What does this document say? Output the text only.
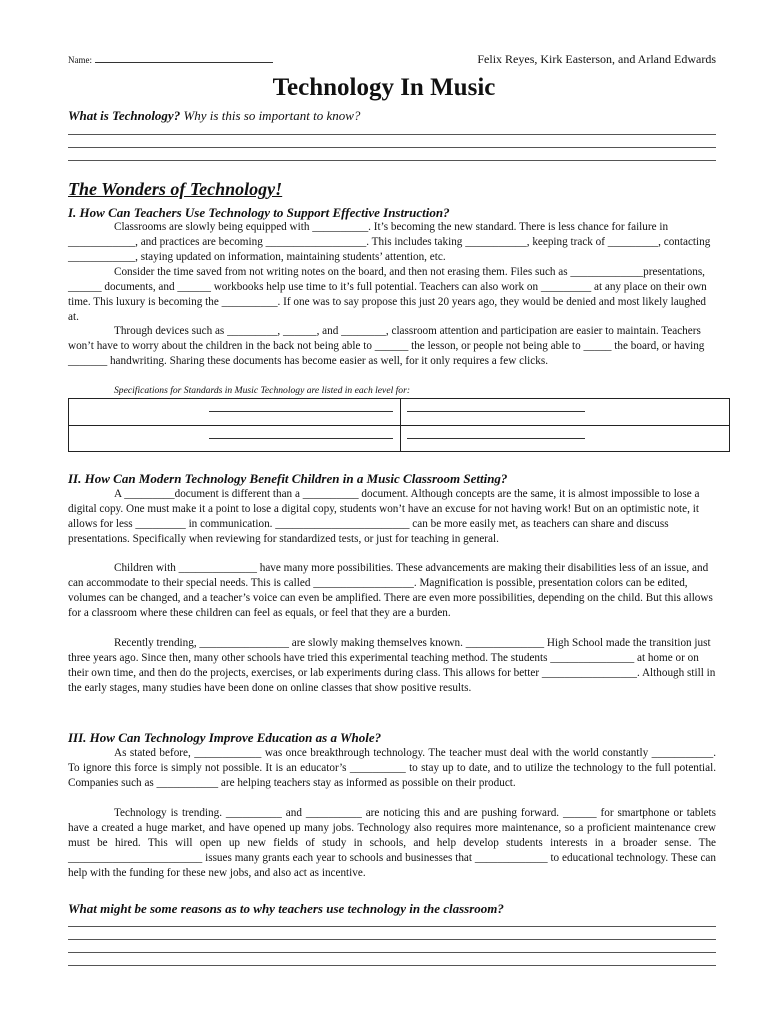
Name:	Felix Reyes, Kirk Easterson, and Arland Edwards
Technology In Music
What is Technology? Why is this so important to know?
The Wonders of Technology!
I. How Can Teachers Use Technology to Support Effective Instruction?

Classrooms are slowly being equipped with __________. It’s becoming the new standard. There is less chance for failure in ____________, and practices are becoming __________________. This includes taking ___________, keeping track of _________, contacting ____________, staying updated on information, maintaining students’ attention, etc.

Consider the time saved from not writing notes on the board, and then not erasing them. Files such as _____________presentations, ______ documents, and ______ workbooks help use time to it’s full potential. Teachers can also work on _________ at any place on their own time. This luxury is becoming the __________. If one was to say propose this just 20 years ago, they would be denied and most likely laughed at.

Through devices such as _________, ______, and ________, classroom attention and participation are easier to maintain. Teachers won’t have to worry about the children in the back not being able to ______ the lesson, or people not being able to _____ the board, or having _______ handwriting. Sharing these documents has become easier as well, for it only requires a few clicks.

Specifications for Standards in Music Technology are listed in each level for:
II. How Can Modern Technology Benefit Children in a Music Classroom Setting?

A _________document is different than a __________ document. Although concepts are the same, it is almost impossible to lose a digital copy. One must make it a point to lose a digital copy, students won’t have an excuse for not having work! But on an optimistic note, it allows for less _________ in communication. ________________________ can be more easily met, as teachers can share and discuss presentations. Specifically when reviewing for standardized tests, or just for teaching in general.

Children with ______________ have many more possibilities. These advancements are making their disabilities less of an issue, and can accommodate to their special needs. This is called __________________. Magnification is possible, presentation colors can be edited, volumes can be changed, and a teacher’s voice can even be amplified. There are even more possibilities, depending on the child. But this allows for a classroom where these children can feel as equals, or feel that they are a burden.

Recently trending, ________________ are slowly making themselves known. ______________ High School made the transition just three years ago. Since then, many other schools have tried this experimental teaching method. The students _______________ at home or on their own time, and then do the projects, exercises, or lab experiments during class. This allows for better _________________. Although still in the early stages, many studies have been done on online classes that show positive results.

III. How Can Technology Improve Education as a Whole?

As stated before, ____________ was once breakthrough technology. The teacher must deal with the world constantly ___________. To ignore this force is simply not possible. It is an educator’s __________ to stay up to date, and to utilize the technology to the full potential. Companies such as ___________ are helping teachers stay as informed as possible on their product.

Technology is trending. __________ and __________ are noticing this and are pushing forward. ______ for smartphone or tablets have a created a huge market, and have opened up many jobs. Technology also requires more maintenance, so a proficient maintenance crew must be hired. This will open up new fields of study in schools, and help develop students interests in a broader sense. The ________________________ issues many grants each year to schools and businesses that _____________ to educational technology. These can help with the funding for these new jobs, and also act as incentive.

What might be some reasons as to why teachers use technology in the classroom?
